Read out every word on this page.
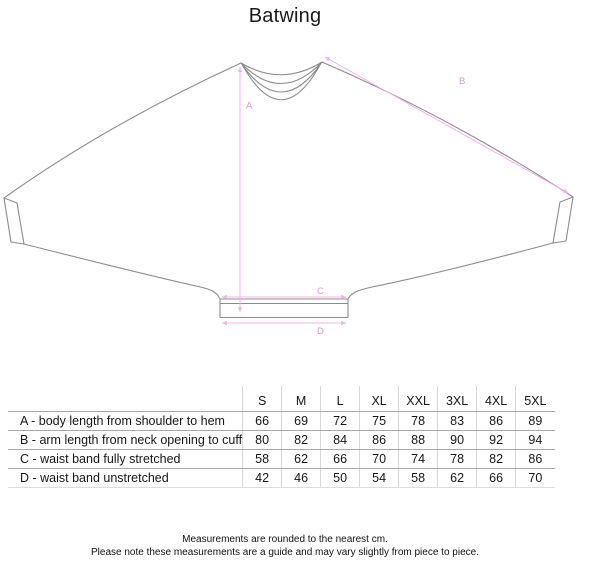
Batwing
A
B
C
D
	S	M	L	XL	XXL	3XL	4XL	5XL
A - body length from shoulder to hem	66	69	72	75	78	83	86	89
B - arm length from neck opening to cuff	80	82	84	86	88	90	92	94
C - waist band fully stretched	58	62	66	70	74	78	82	86
D - waist band unstretched	42	46	50	54	58	62	66	70
Measurements are rounded to the nearest cm.
Please note these measurements are a guide and may vary slightly from piece to piece.
